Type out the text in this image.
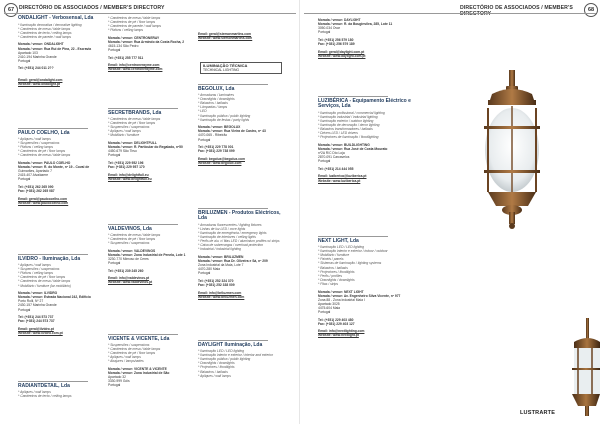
67 DIRECTÓRIO DE ASSOCIADOS / MEMBER'S DIRECTORY	DIRECTÓRIO DE ASSOCIADOS / MEMBER'S DIRECTORY
68
ONDALIGHT - Verbosensal, Lda
* Iluminação decorativa / decorative lighting
* Candeeiros de mesa / table lamps
* Candeeiros de tecto / ceiling lamps
* Candeeiros de parede / wall lamps
Morada / venue: ONDALIGHT
Morada / venue: Rua Rui de Pina, 22 - Escravia
Apartado 103
2410-194 Marinha Grande
Portugal
Tel: (+351) 244 011 2??
Email: geral@ondalight.com
Website: www.ondalight.pt
PAULO COELHO, Lda
* Apliques / wall lamps
* Suspensões / suspensions
* Plafons / ceiling lamps
* Candeeiros de pé / floor lamps
* Candeeiros de mesa / table lamps
Morada / venue: PAULO COELHO
Morada / venue: R. do Monte, nº 19 - Coval de
Guimarães, Apartado 7
2415-407 Alvaiázere
Portugal
Tel: (+351) 262 265 090
Fax: (+351) 262 265 087
Email: geral@paulocoelho.com
Website: www.paulocoelho.com
ILVIDRO - Iluminação, Lda
* Apliques / wall lamps
* Suspensões / suspensions
* Plafons / ceiling lamps
* Candeeiros de pé / floor lamps
* Candeeiros de mesa / table lamps
* Mobiliário / furniture (lar mobiliário)
Morada / venue: ILVIDRO
Morada / venue: Estrada Nacional 242, Edifício
Porto Rolli, Nº 27
2430-157 Marinha Grande
Portugal
Tel: (+351) 244 573 737
Fax: (+351) 244 573 737
Email: geral@ilvidro.pt
Website: www.ilvidro.com.pt
RADIANTDETAIL, Lda
* Apliques / wall lamps
* Candeeiros de tecto / ceiling lamps
* Candeeiros de mesa / table lamps
* Candeeiros de pé / floor lamps
* Candeeiros de parede / wall lamps
* Plafons / ceiling lamps
Morada / venue: CENTRONERAY
Morada / venue: Rua Armindo da Costa Rocha, 2
4615-134 São Pedro
Portugal
Tel: (+351) 255 777 511
Email: info@centronerayme.com
Website: www.centronerayme.com
SECRETBRANDS, Lda
* Candeeiros de mesa / table lamps
* Candeeiros de pé / floor lamps
* Suspensões / suspensions
* Apliques / wall lamps
* Mobiliário / furniture
Morada / venue: DELIGHTFULL
Morada / venue: R. Particular do Regalado, nº50
4450-679 São Tirso
Portugal
Tel: (+351) 229 952 196
Fax: (+351) 229 957 170
Email: info@delightfull.eu
Website: www.delightfull.eu
VALDEVINOS, Lda
* Candeeiros de mesa / table lamps
* Candeeiros de pé / floor lamps
* Suspensões / suspensions
Morada / venue: VALDEVINOS
Morada / venue: Zona Industrial de Penela, Lote 1
3230-770 Mimoso de Ceres
Portugal
Tel: (+351) 239 245 260
Email: info@valdevinos.pt
Website: www.valdevinos.pt
VICENTE & VICENTE, Lda
* Suspensões / suspensions
* Candeeiros de mesa / table lamps
* Candeeiros de pé / floor lamps
* Apliques / wall lamps
* Abajures / lampshades
Morada / venue: VICENTE & VICENTE
Morada / venue: Zona Industrial de São
Apartado 32
3330-999 Góis
Portugal
Email: geral@siemonmartins.com
Website: www.siemonmartins.com
ILUMINAÇÃO TÉCNICA
TECHNICAL LIGHTING
BEGOLUX, Lda
* Armaduras / luminaires
* Downlights / downlights
* Balastros / ballasts
* Lâmpadas / lamps
* LED
* Iluminação pública / public lighting
* Iluminação de festas / party lights
Morada / venue: BEGOLUX
Morada / venue: Rua Vieira de Castro, nº 43
4470-065 - Ribeirão
Portugal
Tel: (+351) 229 778 001
Fax: (+351) 229 738 099
Email: begolux@begolux.com
Website: www.begolux.com
BRILUZMEN - Produtos Eléctricos, Lda
* Armaduras fluorescentes / lighting fixtures
* Linhas de luz LED / cove lights
* Iluminação de emergência / emergency lights
* Iluminação de interiores / ceiling lights
* Perfis de alu. c/ fitas LED / aluminium profiles w/ strips
* Caixa de sobrecargas / overload protection
* Industrial / industrial lighting
Morada / venue: BRILUZMEN
Morada / venue: Rua Dr. Oliveira e Sá, nº 209
Zona Industrial da Maia, Lote 7
4470-280 Maia
Portugal
Tel: (+351) 252 324 370
Fax: (+351) 252 338 009
Email: info@briluzmen.com
Website: www.briluzmen.com
DAYLIGHT Iluminação, Lda
* Iluminação LED / LED lighting
* Iluminação interior e exterior / interior and exterior
* Iluminação pública / public lighting
* Downlights / downlights
* Projectores / floodlights
* Balastros / ballasts
* Apliques / wall lamps
Morada / venue: DAYLIGHT
Morada / venue: R. da Bouginvilea, 285, Lote 11
3050-034 Ovar
Portugal
Tel: (+351) 256 579 180
Fax: (+351) 256 579 189
Email: geral@daylight.com.pt
Website: www.daylight.com.pt
LUZIBÉRICA - Equipamento Eléctrico e Serviços, Lda
* Iluminação profissional / commercial lighting
* Iluminação industrial / industrial lighting
* Iluminação exterior / outdoor lighting
* Iluminação de decoração / decor lighting
* Balastros transformadores / ballasts
* Drivers LED / LED drivers
* Projectores de iluminação / floodlighting
Morada / venue: BUILDLIGHTING
Morada / venue: Rua José de Costa Mourato
nº2A R/C Dto Loja
2870-091 Carcavelos
Portugal
Tel: (+351) 214 444 055
Email: luziberica@luziberica.pt
Website: www.luziberica.pt
NEXT LIGHT, Lda
* Iluminação LED / LED lighting
* Iluminação interior e exterior / indoor / outdoor
* Mobiliário / furniture
* Painéis / panels
* Sistemas de iluminação / lighting systems
* Balastros / ballasts
* Projectores / floodlights
* Perfis / profiles
* Downlights / downlights
* Fitas / strips
Morada / venue: NEXT LIGHT
Morada / venue: Av. Engenheiro Silva Vicente, nº 977
Zona 88 - Zona Industrial Maia I
Apartado 3025
4475-604 Maia
Portugal
Tel: (+351) 229 403 480
Fax: (+351) 229 403 127
Email: info@nextlighting.com
Website: www.nextlight.pt
LUSTRARTE
